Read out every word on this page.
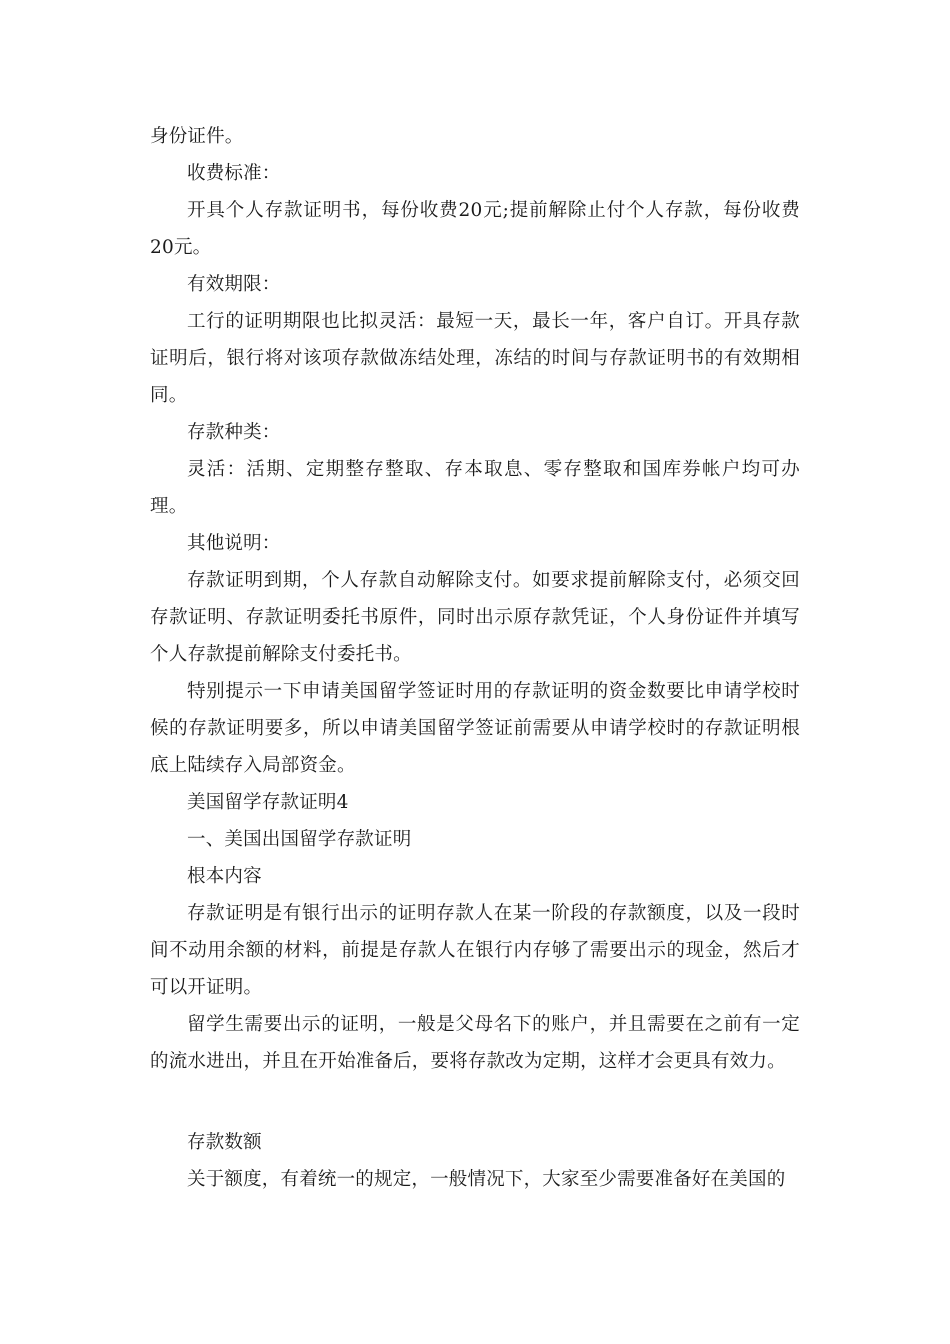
身份证件。

收费标准：

开具个人存款证明书，每份收费20元;提前解除止付个人存款，每份收费20元。

有效期限：

工行的证明期限也比拟灵活：最短一天，最长一年，客户自订。开具存款证明后，银行将对该项存款做冻结处理，冻结的时间与存款证明书的有效期相同。

存款种类：

灵活：活期、定期整存整取、存本取息、零存整取和国库券帐户均可办理。

其他说明：

存款证明到期，个人存款自动解除支付。如要求提前解除支付，必须交回存款证明、存款证明委托书原件，同时出示原存款凭证，个人身份证件并填写个人存款提前解除支付委托书。

特别提示一下申请美国留学签证时用的存款证明的资金数要比申请学校时候的存款证明要多，所以申请美国留学签证前需要从申请学校时的存款证明根底上陆续存入局部资金。

美国留学存款证明4

一、美国出国留学存款证明

根本内容

存款证明是有银行出示的证明存款人在某一阶段的存款额度，以及一段时间不动用余额的材料，前提是存款人在银行内存够了需要出示的现金，然后才可以开证明。

留学生需要出示的证明，一般是父母名下的账户，并且需要在之前有一定的流水进出，并且在开始准备后，要将存款改为定期，这样才会更具有效力。

存款数额

关于额度，有着统一的规定，一般情况下，大家至少需要准备好在美国的
